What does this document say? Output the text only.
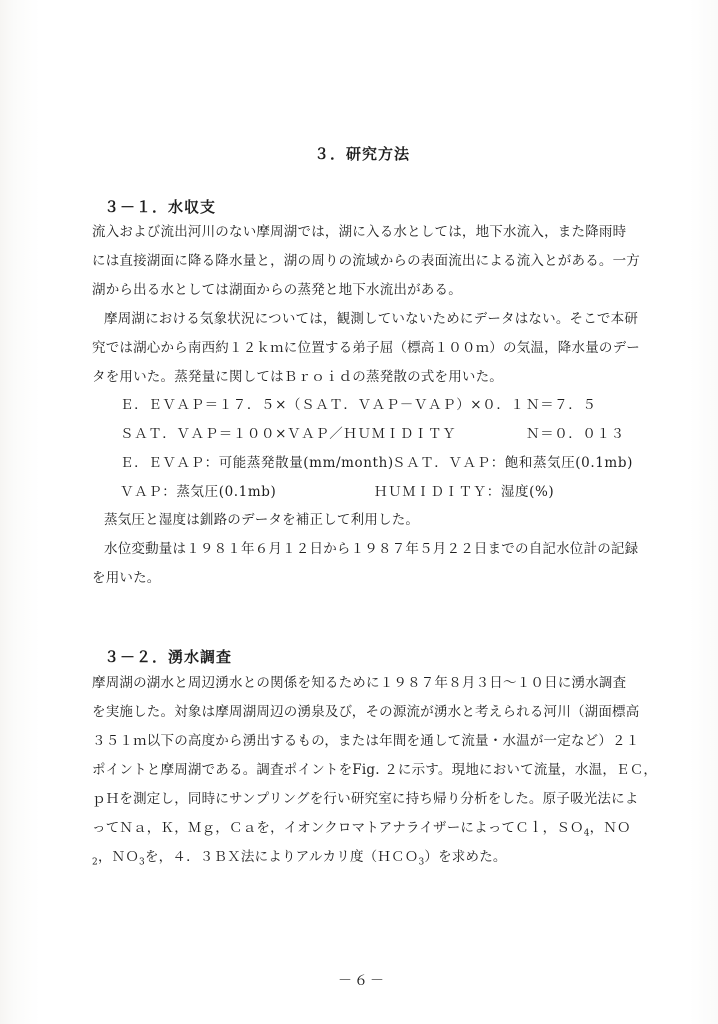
３．研究方法
３－１．水収支
流入および流出河川のない摩周湖では，湖に入る水としては，地下水流入，また降雨時
には直接湖面に降る降水量と，湖の周りの流域からの表面流出による流入とがある。一方
湖から出る水としては湖面からの蒸発と地下水流出がある。
摩周湖における気象状況については，観測していないためにデータはない。そこで本研
究では湖心から南西約１２ｋｍに位置する弟子屈（標高１００ｍ）の気温，降水量のデー
タを用いた。蒸発量に関してはＢｒｏｉｄの蒸発散の式を用いた。
Ｅ．ＥＶＡＰ＝１７．５×（ＳＡＴ．ＶＡＰ－ＶＡＰ）×０．１ Ｎ＝７．５
ＳＡＴ．ＶＡＰ＝１００×ＶＡＰ／ＨＵＭＩＤＩＴＹ	Ｎ＝０．０１３
Ｅ．ＥＶＡＰ：可能蒸発散量(mm/month)
ＳＡＴ．ＶＡＰ：飽和蒸気圧(0.1mb)
ＶＡＰ：蒸気圧(0.1mb)	ＨＵＭＩＤＩＴＹ：湿度(%)
蒸気圧と湿度は釧路のデータを補正して利用した。
水位変動量は１９８１年６月１２日から１９８７年５月２２日までの自記水位計の記録
を用いた。
３－２．湧水調査
摩周湖の湖水と周辺湧水との関係を知るために１９８７年８月３日～１０日に湧水調査
を実施した。対象は摩周湖周辺の湧泉及び，その源流が湧水と考えられる河川（湖面標高
３５１ｍ以下の高度から湧出するもの，または年間を通して流量・水温が一定など）２１
ポイントと摩周湖である。調査ポイントをFig. ２に示す。現地において流量，水温，ＥＣ，
ｐＨを測定し，同時にサンプリングを行い研究室に持ち帰り分析をした。原子吸光法によ
ってＮａ，Ｋ，Ｍｇ，Ｃａを，イオンクロマトアナライザーによってＣｌ，ＳＯ$_4$，ＮＯ
$_2$，ＮＯ$_3$を，４．３ＢＸ法によりアルカリ度（ＨＣＯ$_3$）を求めた。
－６－
